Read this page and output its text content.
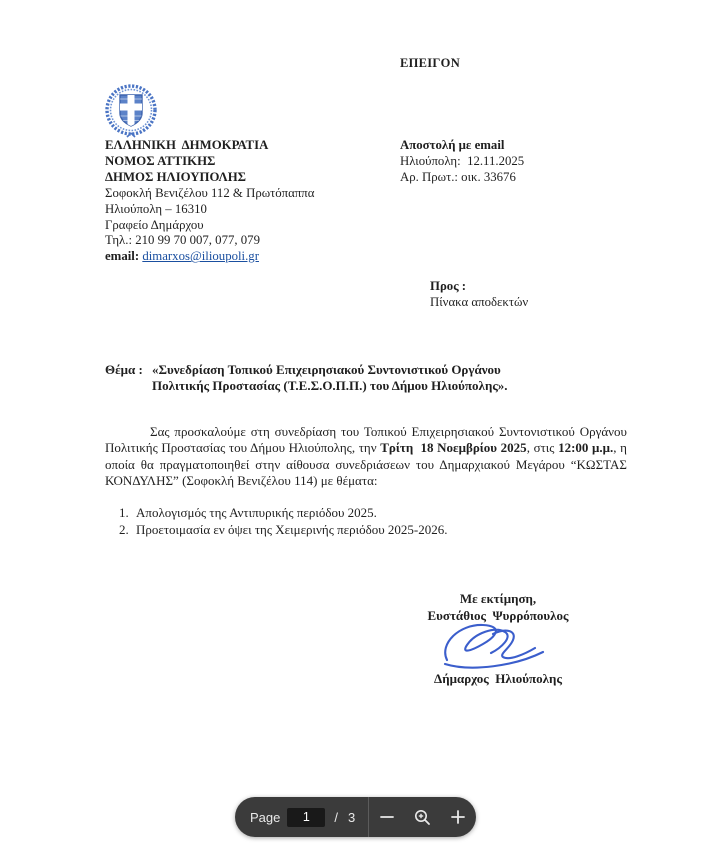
ΕΠΕΙΓΟΝ
ΕΛΛΗΝΙΚΗ  ΔΗΜΟΚΡΑΤΙΑ
ΝΟΜΟΣ ΑΤΤΙΚΗΣ
ΔΗΜΟΣ ΗΛΙΟΥΠΟΛΗΣ
Σοφοκλή Βενιζέλου 112 & Πρωτόπαππα
Ηλιούπολη – 16310
Γραφείο Δημάρχου
Τηλ.: 210 99 70 007, 077, 079
email: dimarxos@ilioupoli.gr
Αποστολή με email
Ηλιούπολη:  12.11.2025
Αρ. Πρωτ.: οικ. 33676
Προς :
Πίνακα αποδεκτών
Θέμα : «Συνεδρίαση Τοπικού Επιχειρησιακού Συντονιστικού Οργάνου Πολιτικής Προστασίας (Τ.Ε.Σ.Ο.Π.Π.) του Δήμου Ηλιούπολης».

Σας προσκαλούμε στη συνεδρίαση του Τοπικού Επιχειρησιακού Συντονιστικού Οργάνου Πολιτικής Προστασίας του Δήμου Ηλιούπολης, την Τρίτη  18 Νοεμβρίου 2025, στις 12:00 μ.μ., η οποία θα πραγματοποιηθεί στην αίθουσα συνεδριάσεων του Δημαρχιακού Μεγάρου “ΚΩΣΤΑΣ ΚΟΝΔΥΛΗΣ” (Σοφοκλή Βενιζέλου 114) με θέματα:

1. Απολογισμός της Αντιπυρικής περιόδου 2025.
2. Προετοιμασία εν όψει της Χειμερινής περιόδου 2025-2026.
Με εκτίμηση,
Ευστάθιος  Ψυρρόπουλος
Δήμαρχος  Ηλιούπολης
Page
1	/ 3
